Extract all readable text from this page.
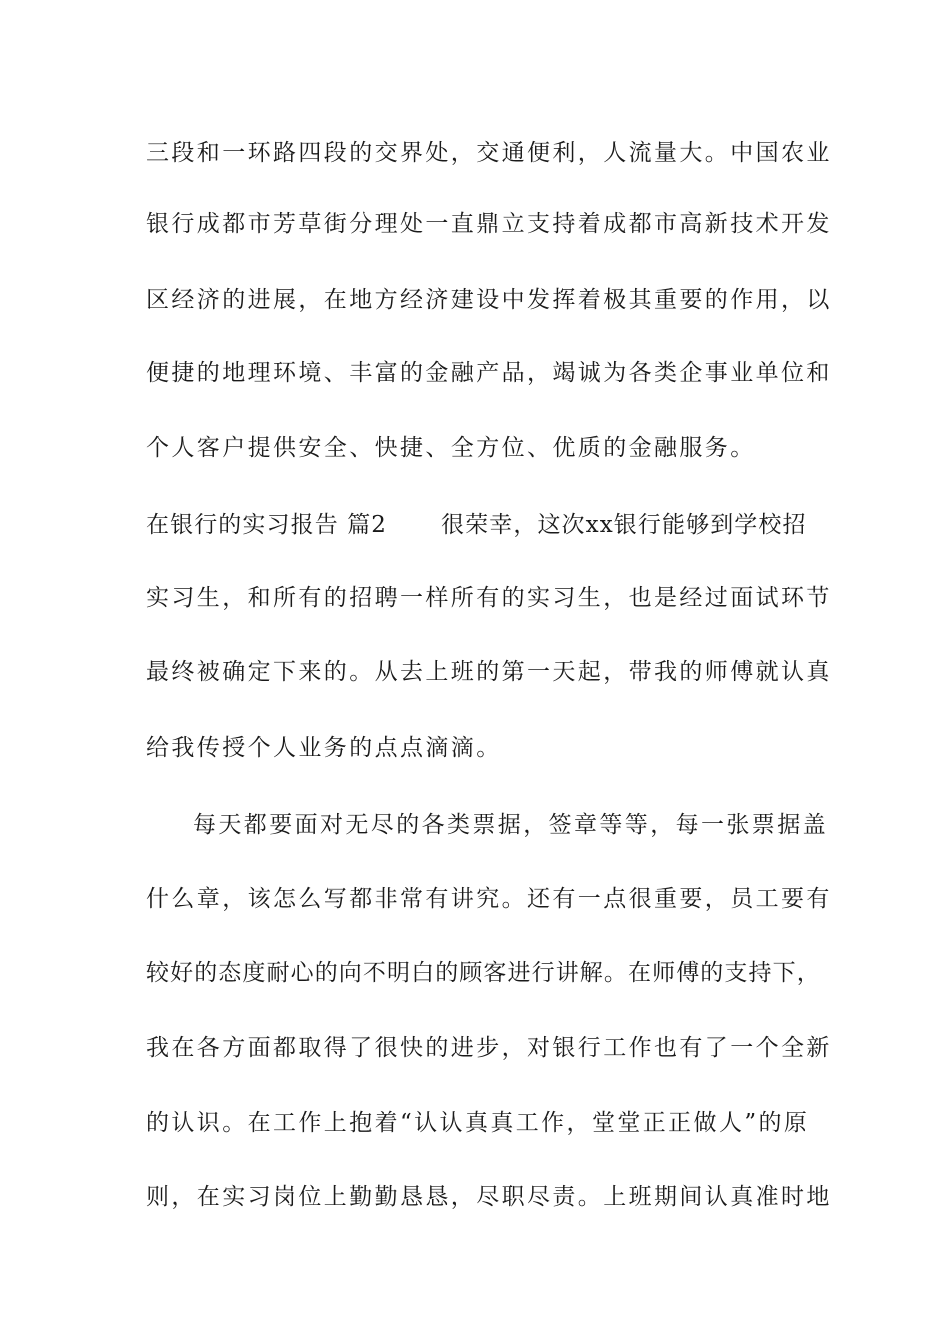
三段和一环路四段的交界处，交通便利，人流量大。中国农业
银行成都市芳草街分理处一直鼎立支持着成都市高新技术开发
区经济的进展，在地方经济建设中发挥着极其重要的作用，以
便捷的地理环境、丰富的金融产品，竭诚为各类企事业单位和
个人客户提供安全、快捷、全方位、优质的金融服务。
在银行的实习报告 篇2 很荣幸，这次xx银行能够到学校招
实习生，和所有的招聘一样所有的实习生，也是经过面试环节
最终被确定下来的。从去上班的第一天起，带我的师傅就认真
给我传授个人业务的点点滴滴。
每天都要面对无尽的各类票据，签章等等，每一张票据盖
什么章，该怎么写都非常有讲究。还有一点很重要，员工要有
较好的态度耐心的向不明白的顾客进行讲解。在师傅的支持下，
我在各方面都取得了很快的进步，对银行工作也有了一个全新
的认识。在工作上抱着“认认真真工作，堂堂正正做人”的原
则，在实习岗位上勤勤恳恳，尽职尽责。上班期间认真准时地
